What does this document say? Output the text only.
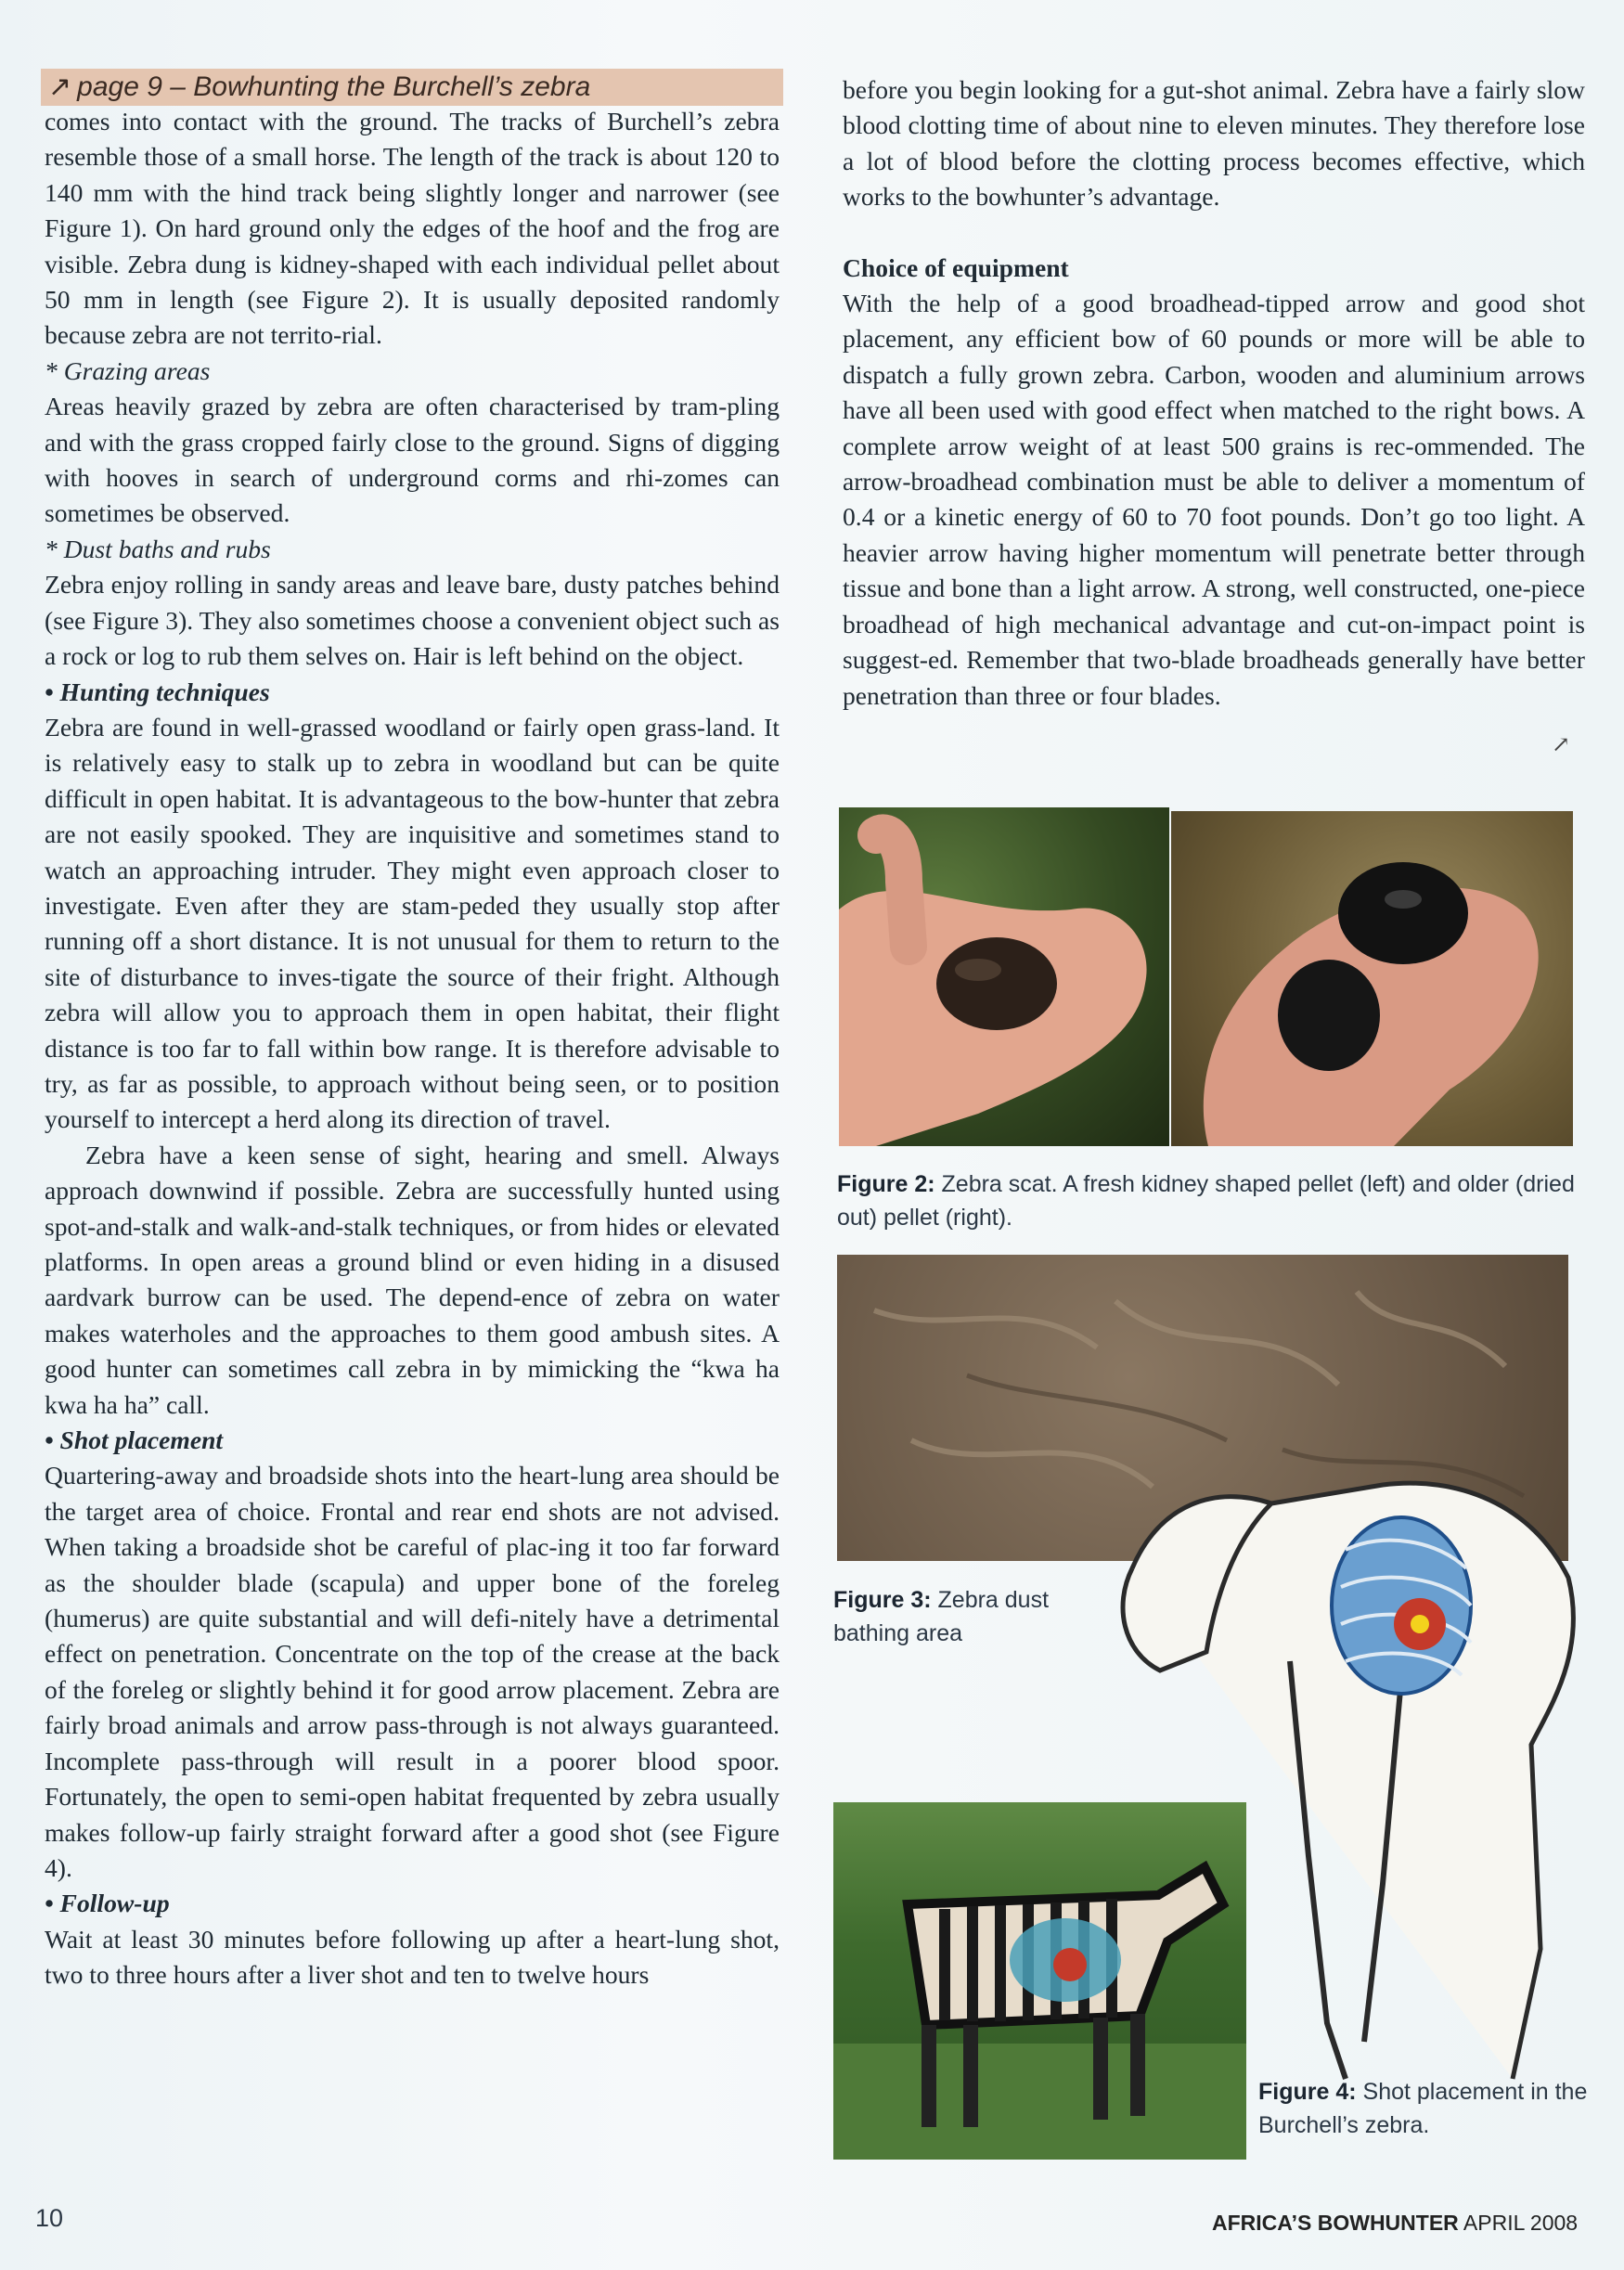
↗ page 9 – Bowhunting the Burchell’s zebra

comes into contact with the ground. The tracks of Burchell’s zebra resemble those of a small horse. The length of the track is about 120 to 140 mm with the hind track being slightly longer and narrower (see Figure 1). On hard ground only the edges of the hoof and the frog are visible. Zebra dung is kidney-shaped with each individual pellet about 50 mm in length (see Figure 2). It is usually deposited randomly because zebra are not territo-rial.

* Grazing areas

Areas heavily grazed by zebra are often characterised by tram-pling and with the grass cropped fairly close to the ground. Signs of digging with hooves in search of underground corms and rhi-zomes can sometimes be observed.

* Dust baths and rubs

Zebra enjoy rolling in sandy areas and leave bare, dusty patches behind (see Figure 3). They also sometimes choose a convenient object such as a rock or log to rub them selves on. Hair is left behind on the object.

• Hunting techniques

Zebra are found in well-grassed woodland or fairly open grass-land. It is relatively easy to stalk up to zebra in woodland but can be quite difficult in open habitat. It is advantageous to the bow-hunter that zebra are not easily spooked. They are inquisitive and sometimes stand to watch an approaching intruder. They might even approach closer to investigate. Even after they are stam-peded they usually stop after running off a short distance. It is not unusual for them to return to the site of disturbance to inves-tigate the source of their fright. Although zebra will allow you to approach them in open habitat, their flight distance is too far to fall within bow range. It is therefore advisable to try, as far as possible, to approach without being seen, or to position yourself to intercept a herd along its direction of travel.

Zebra have a keen sense of sight, hearing and smell. Always approach downwind if possible. Zebra are successfully hunted using spot-and-stalk and walk-and-stalk techniques, or from hides or elevated platforms. In open areas a ground blind or even hiding in a disused aardvark burrow can be used. The depend-ence of zebra on water makes waterholes and the approaches to them good ambush sites. A good hunter can sometimes call zebra in by mimicking the “kwa ha kwa ha ha” call.

• Shot placement

Quartering-away and broadside shots into the heart-lung area should be the target area of choice. Frontal and rear end shots are not advised. When taking a broadside shot be careful of plac-ing it too far forward as the shoulder blade (scapula) and upper bone of the foreleg (humerus) are quite substantial and will defi-nitely have a detrimental effect on penetration. Concentrate on the top of the crease at the back of the foreleg or slightly behind it for good arrow placement. Zebra are fairly broad animals and arrow pass-through is not always guaranteed. Incomplete pass-through will result in a poorer blood spoor. Fortunately, the open to semi-open habitat frequented by zebra usually makes follow-up fairly straight forward after a good shot (see Figure 4).

• Follow-up

Wait at least 30 minutes before following up after a heart-lung shot, two to three hours after a liver shot and ten to twelve hours

before you begin looking for a gut-shot animal. Zebra have a fairly slow blood clotting time of about nine to eleven minutes. They therefore lose a lot of blood before the clotting process becomes effective, which works to the bowhunter’s advantage.

Choice of equipment

With the help of a good broadhead-tipped arrow and good shot placement, any efficient bow of 60 pounds or more will be able to dispatch a fully grown zebra. Carbon, wooden and aluminium arrows have all been used with good effect when matched to the right bows. A complete arrow weight of at least 500 grains is rec-ommended. The arrow-broadhead combination must be able to deliver a momentum of 0.4 or a kinetic energy of 60 to 70 foot pounds. Don’t go too light. A heavier arrow having higher momentum will penetrate better through tissue and bone than a light arrow. A strong, well constructed, one-piece broadhead of high mechanical advantage and cut-on-impact point is suggest-ed. Remember that two-blade broadheads generally have better penetration than three or four blades.

↗
Figure 2: Zebra scat. A fresh kidney shaped pellet (left) and older (dried out) pellet (right).
Figure 3: Zebra dust bathing area
Figure 4: Shot placement in the Burchell’s zebra.
10	AFRICA’S BOWHUNTER APRIL 2008
